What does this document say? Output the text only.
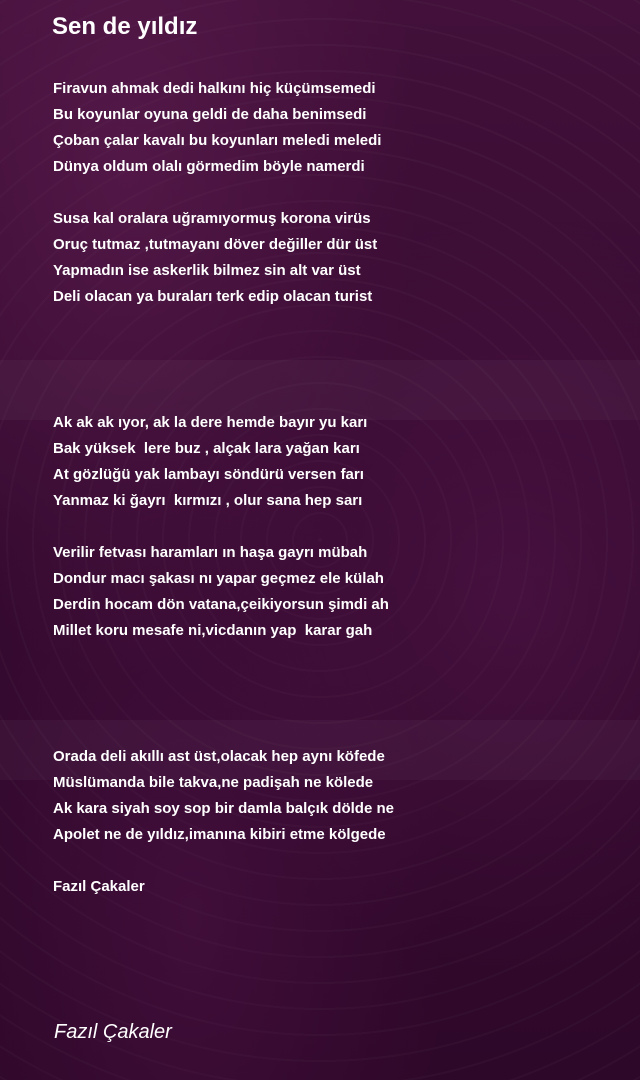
Sen de yıldız
Firavun ahmak dedi halkını hiç küçümsemedi
Bu koyunlar oyuna geldi de daha benimsedi
Çoban çalar kavalı bu koyunları meledi meledi
Dünya oldum olalı görmedim böyle namerdi
Susa kal oralara uğramıyormuş korona virüs
Oruç tutmaz ,tutmayanı döver değiller dür üst
Yapmadın ise askerlik bilmez sin alt var üst
Deli olacan ya buraları terk edip olacan turist
Ak ak ak ıyor, ak la dere hemde bayır yu karı
Bak yüksek  lere buz , alçak lara yağan karı
At gözlüğü yak lambayı söndürü versen farı
Yanmaz ki ğayrı  kırmızı , olur sana hep sarı
Verilir fetvası haramları ın haşa gayrı mübah
Dondur macı şakası nı yapar geçmez ele külah
Derdin hocam dön vatana,çeikiyorsun şimdi ah
Millet koru mesafe ni,vicdanın yap  karar gah
Orada deli akıllı ast üst,olacak hep aynı köfede
Müslümanda bile takva,ne padişah ne kölede
Ak kara siyah soy sop bir damla balçık dölde ne
Apolet ne de yıldız,imanına kibiri etme kölgede
Fazıl Çakaler
Fazıl Çakaler
